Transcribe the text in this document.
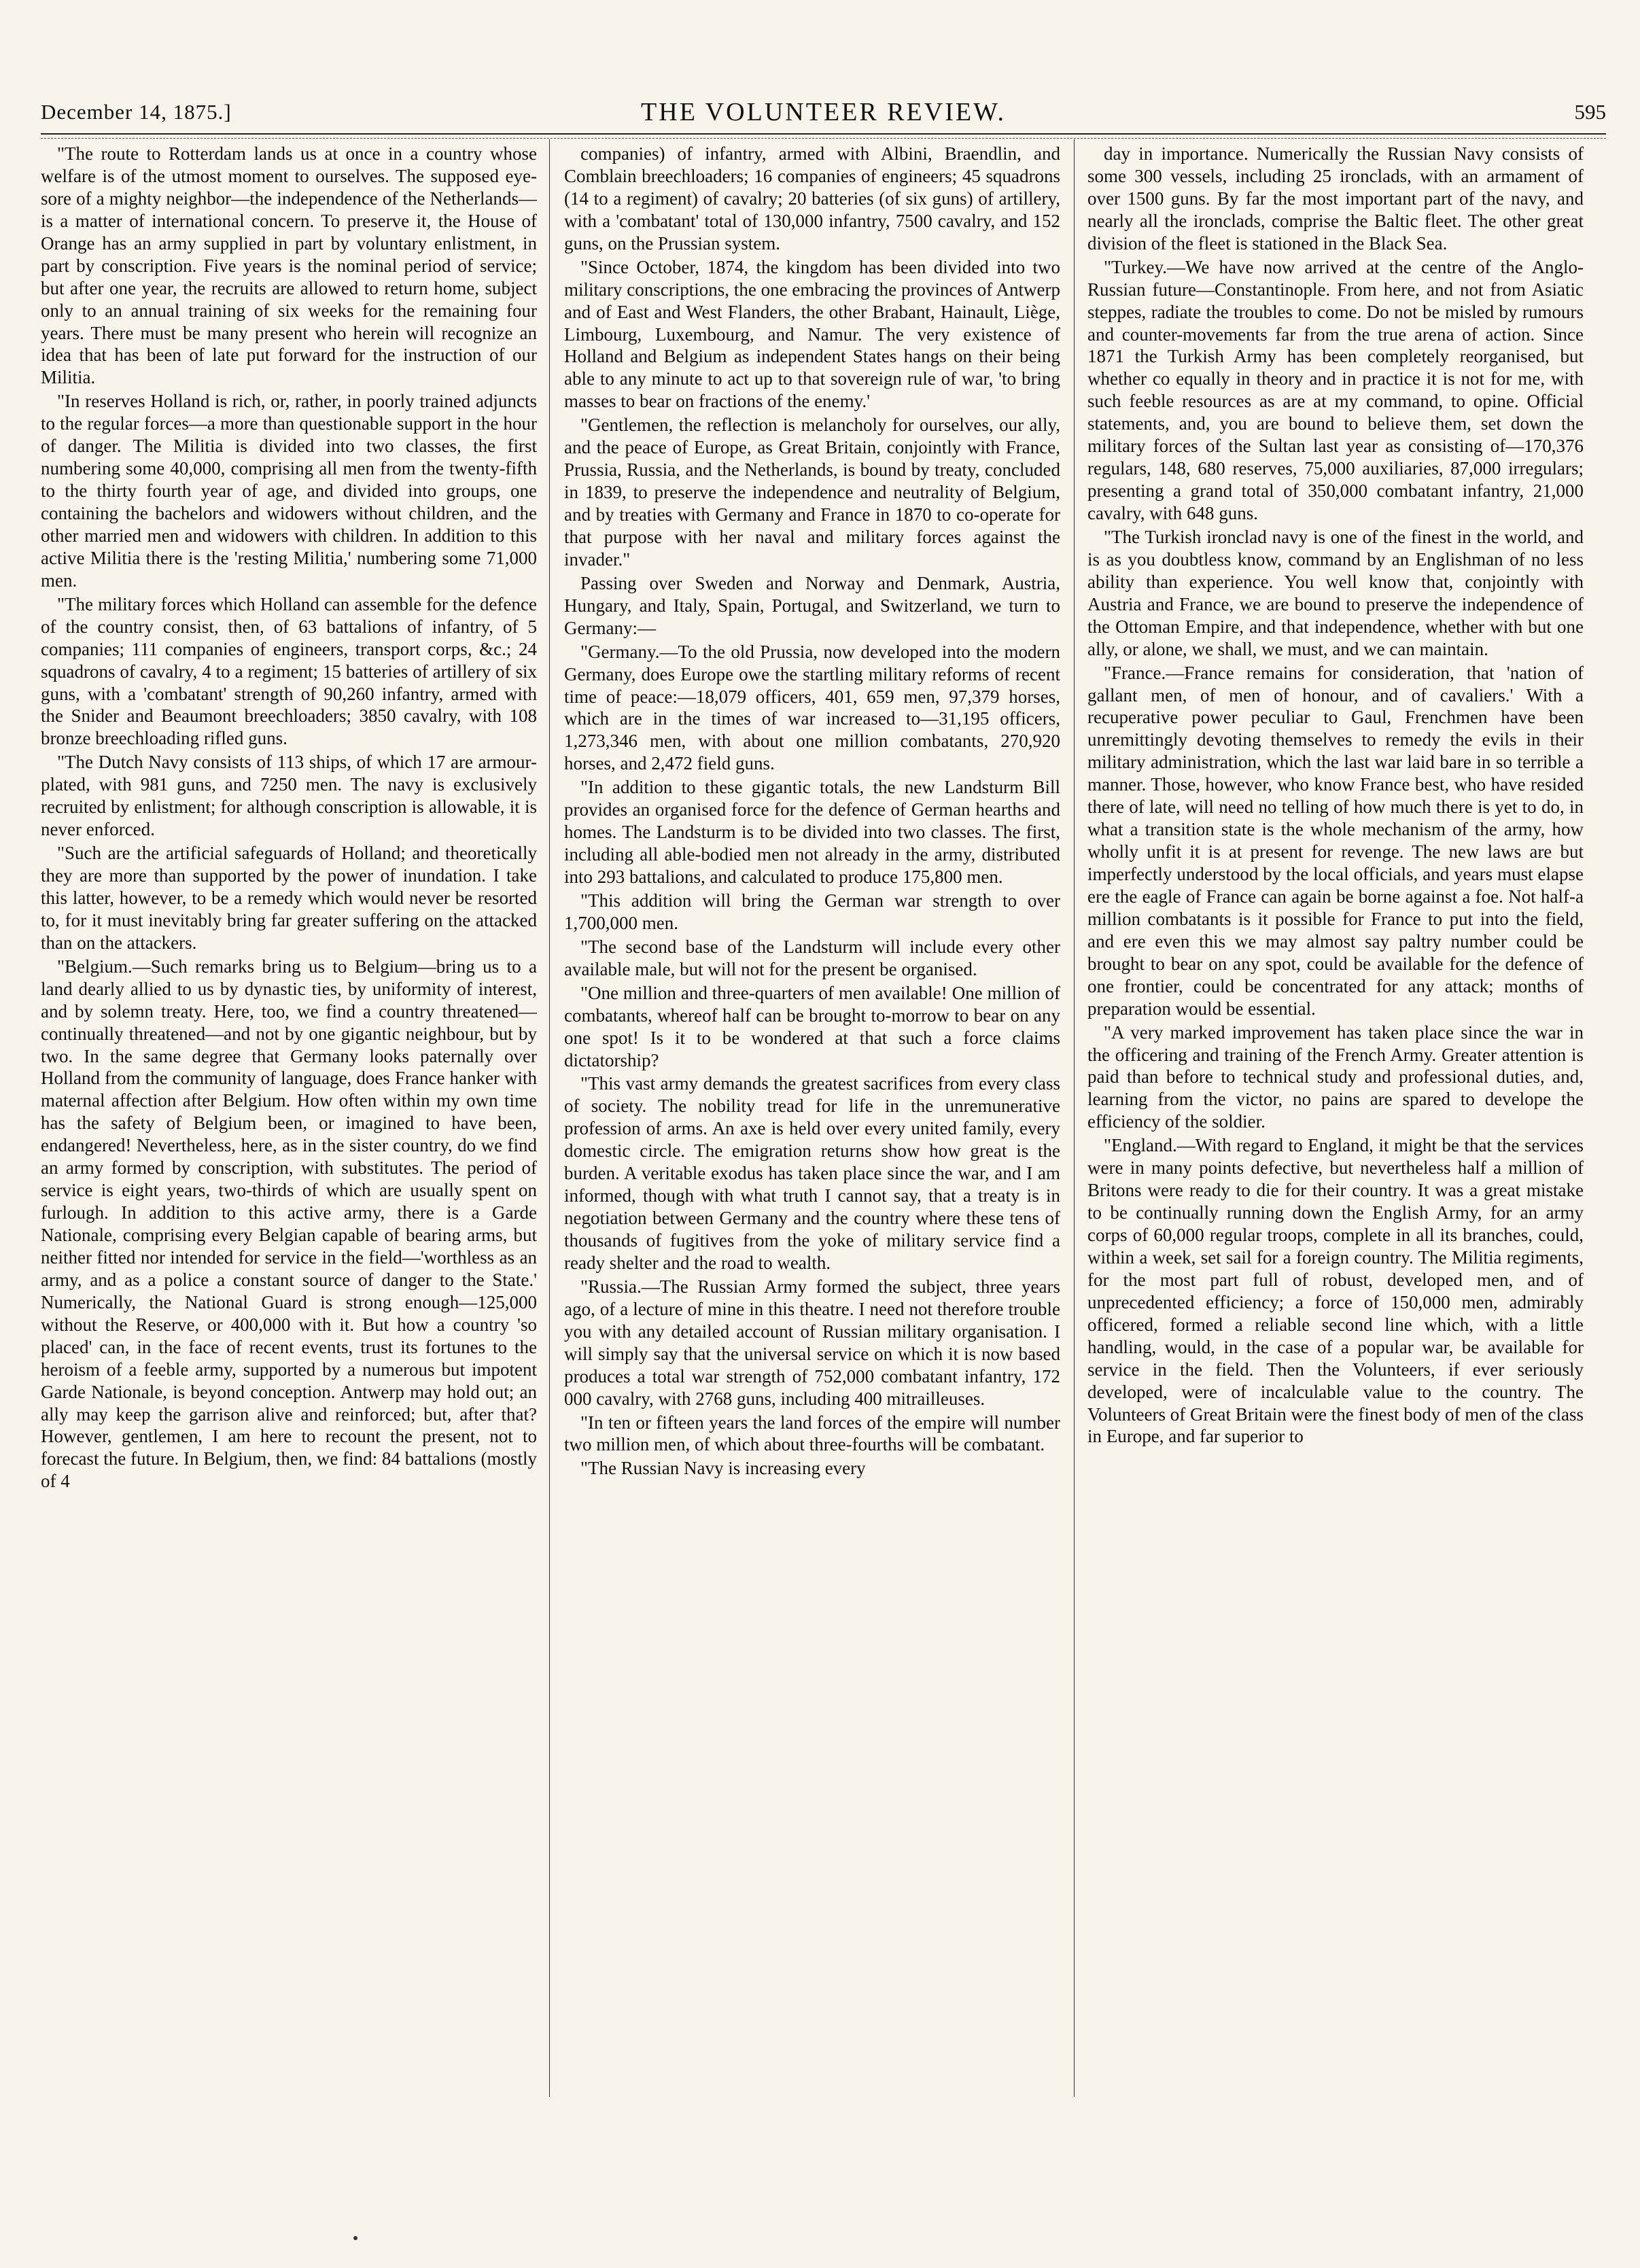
December 14, 1875.]	THE VOLUNTEER REVIEW.	595

"The route to Rotterdam lands us at once in a country whose welfare is of the utmost moment to ourselves. The supposed eye-sore of a mighty neighbor—the independence of the Netherlands—is a matter of international concern. To preserve it, the House of Orange has an army supplied in part by voluntary enlistment, in part by conscription. Five years is the nominal period of service; but after one year, the recruits are allowed to return home, subject only to an annual training of six weeks for the remaining four years. There must be many present who herein will recognize an idea that has been of late put forward for the instruction of our Militia.

"In reserves Holland is rich, or, rather, in poorly trained adjuncts to the regular forces—a more than questionable support in the hour of danger. The Militia is divided into two classes, the first numbering some 40,000, comprising all men from the twenty-fifth to the thirty fourth year of age, and divided into groups, one containing the bachelors and widowers without children, and the other married men and widowers with children. In addition to this active Militia there is the 'resting Militia,' numbering some 71,000 men.

"The military forces which Holland can assemble for the defence of the country consist, then, of 63 battalions of infantry, of 5 companies; 111 companies of engineers, transport corps, &c.; 24 squadrons of cavalry, 4 to a regiment; 15 batteries of artillery of six guns, with a 'combatant' strength of 90,260 infantry, armed with the Snider and Beaumont breechloaders; 3850 cavalry, with 108 bronze breechloading rifled guns.

"The Dutch Navy consists of 113 ships, of which 17 are armour-plated, with 981 guns, and 7250 men. The navy is exclusively recruited by enlistment; for although conscription is allowable, it is never enforced.

"Such are the artificial safeguards of Holland; and theoretically they are more than supported by the power of inundation. I take this latter, however, to be a remedy which would never be resorted to, for it must inevitably bring far greater suffering on the attacked than on the attackers.

"Belgium.—Such remarks bring us to Belgium—bring us to a land dearly allied to us by dynastic ties, by uniformity of interest, and by solemn treaty. Here, too, we find a country threatened—continually threatened—and not by one gigantic neighbour, but by two. In the same degree that Germany looks paternally over Holland from the community of language, does France hanker with maternal affection after Belgium. How often within my own time has the safety of Belgium been, or imagined to have been, endangered! Nevertheless, here, as in the sister country, do we find an army formed by conscription, with substitutes. The period of service is eight years, two-thirds of which are usually spent on furlough. In addition to this active army, there is a Garde Nationale, comprising every Belgian capable of bearing arms, but neither fitted nor intended for service in the field—'worthless as an army, and as a police a constant source of danger to the State.' Numerically, the National Guard is strong enough—125,000 without the Reserve, or 400,000 with it. But how a country 'so placed' can, in the face of recent events, trust its fortunes to the heroism of a feeble army, supported by a numerous but impotent Garde Nationale, is beyond conception. Antwerp may hold out; an ally may keep the garrison alive and reinforced; but, after that? However, gentlemen, I am here to recount the present, not to forecast the future. In Belgium, then, we find: 84 battalions (mostly of 4

companies) of infantry, armed with Albini, Braendlin, and Comblain breechloaders; 16 companies of engineers; 45 squadrons (14 to a regiment) of cavalry; 20 batteries (of six guns) of artillery, with a 'combatant' total of 130,000 infantry, 7500 cavalry, and 152 guns, on the Prussian system.

"Since October, 1874, the kingdom has been divided into two military conscriptions, the one embracing the provinces of Antwerp and of East and West Flanders, the other Brabant, Hainault, Liège, Limbourg, Luxembourg, and Namur. The very existence of Holland and Belgium as independent States hangs on their being able to any minute to act up to that sovereign rule of war, 'to bring masses to bear on fractions of the enemy.'

"Gentlemen, the reflection is melancholy for ourselves, our ally, and the peace of Europe, as Great Britain, conjointly with France, Prussia, Russia, and the Netherlands, is bound by treaty, concluded in 1839, to preserve the independence and neutrality of Belgium, and by treaties with Germany and France in 1870 to co-operate for that purpose with her naval and military forces against the invader."

Passing over Sweden and Norway and Denmark, Austria, Hungary, and Italy, Spain, Portugal, and Switzerland, we turn to Germany:—

"Germany.—To the old Prussia, now developed into the modern Germany, does Europe owe the startling military reforms of recent time of peace:—18,079 officers, 401, 659 men, 97,379 horses, which are in the times of war increased to—31,195 officers, 1,273,346 men, with about one million combatants, 270,920 horses, and 2,472 field guns.

"In addition to these gigantic totals, the new Landsturm Bill provides an organised force for the defence of German hearths and homes. The Landsturm is to be divided into two classes. The first, including all able-bodied men not already in the army, distributed into 293 battalions, and calculated to produce 175,800 men.

"This addition will bring the German war strength to over 1,700,000 men.

"The second base of the Landsturm will include every other available male, but will not for the present be organised.

"One million and three-quarters of men available! One million of combatants, whereof half can be brought to-morrow to bear on any one spot! Is it to be wondered at that such a force claims dictatorship?

"This vast army demands the greatest sacrifices from every class of society. The nobility tread for life in the unremunerative profession of arms. An axe is held over every united family, every domestic circle. The emigration returns show how great is the burden. A veritable exodus has taken place since the war, and I am informed, though with what truth I cannot say, that a treaty is in negotiation between Germany and the country where these tens of thousands of fugitives from the yoke of military service find a ready shelter and the road to wealth.

"Russia.—The Russian Army formed the subject, three years ago, of a lecture of mine in this theatre. I need not therefore trouble you with any detailed account of Russian military organisation. I will simply say that the universal service on which it is now based produces a total war strength of 752,000 combatant infantry, 172 000 cavalry, with 2768 guns, including 400 mitrailleuses.

"In ten or fifteen years the land forces of the empire will number two million men, of which about three-fourths will be combatant.

"The Russian Navy is increasing every

day in importance. Numerically the Russian Navy consists of some 300 vessels, including 25 ironclads, with an armament of over 1500 guns. By far the most important part of the navy, and nearly all the ironclads, comprise the Baltic fleet. The other great division of the fleet is stationed in the Black Sea.

"Turkey.—We have now arrived at the centre of the Anglo-Russian future—Constantinople. From here, and not from Asiatic steppes, radiate the troubles to come. Do not be misled by rumours and counter-movements far from the true arena of action. Since 1871 the Turkish Army has been completely reorganised, but whether co equally in theory and in practice it is not for me, with such feeble resources as are at my command, to opine. Official statements, and, you are bound to believe them, set down the military forces of the Sultan last year as consisting of—170,376 regulars, 148, 680 reserves, 75,000 auxiliaries, 87,000 irregulars; presenting a grand total of 350,000 combatant infantry, 21,000 cavalry, with 648 guns.

"The Turkish ironclad navy is one of the finest in the world, and is as you doubtless know, command by an Englishman of no less ability than experience. You well know that, conjointly with Austria and France, we are bound to preserve the independence of the Ottoman Empire, and that independence, whether with but one ally, or alone, we shall, we must, and we can maintain.

"France.—France remains for consideration, that 'nation of gallant men, of men of honour, and of cavaliers.' With a recuperative power peculiar to Gaul, Frenchmen have been unremittingly devoting themselves to remedy the evils in their military administration, which the last war laid bare in so terrible a manner. Those, however, who know France best, who have resided there of late, will need no telling of how much there is yet to do, in what a transition state is the whole mechanism of the army, how wholly unfit it is at present for revenge. The new laws are but imperfectly understood by the local officials, and years must elapse ere the eagle of France can again be borne against a foe. Not half-a million combatants is it possible for France to put into the field, and ere even this we may almost say paltry number could be brought to bear on any spot, could be available for the defence of one frontier, could be concentrated for any attack; months of preparation would be essential.

"A very marked improvement has taken place since the war in the officering and training of the French Army. Greater attention is paid than before to technical study and professional duties, and, learning from the victor, no pains are spared to develope the efficiency of the soldier.

"England.—With regard to England, it might be that the services were in many points defective, but nevertheless half a million of Britons were ready to die for their country. It was a great mistake to be continually running down the English Army, for an army corps of 60,000 regular troops, complete in all its branches, could, within a week, set sail for a foreign country. The Militia regiments, for the most part full of robust, developed men, and of unprecedented efficiency; a force of 150,000 men, admirably officered, formed a reliable second line which, with a little handling, would, in the case of a popular war, be available for service in the field. Then the Volunteers, if ever seriously developed, were of incalculable value to the country. The Volunteers of Great Britain were the finest body of men of the class in Europe, and far superior to
